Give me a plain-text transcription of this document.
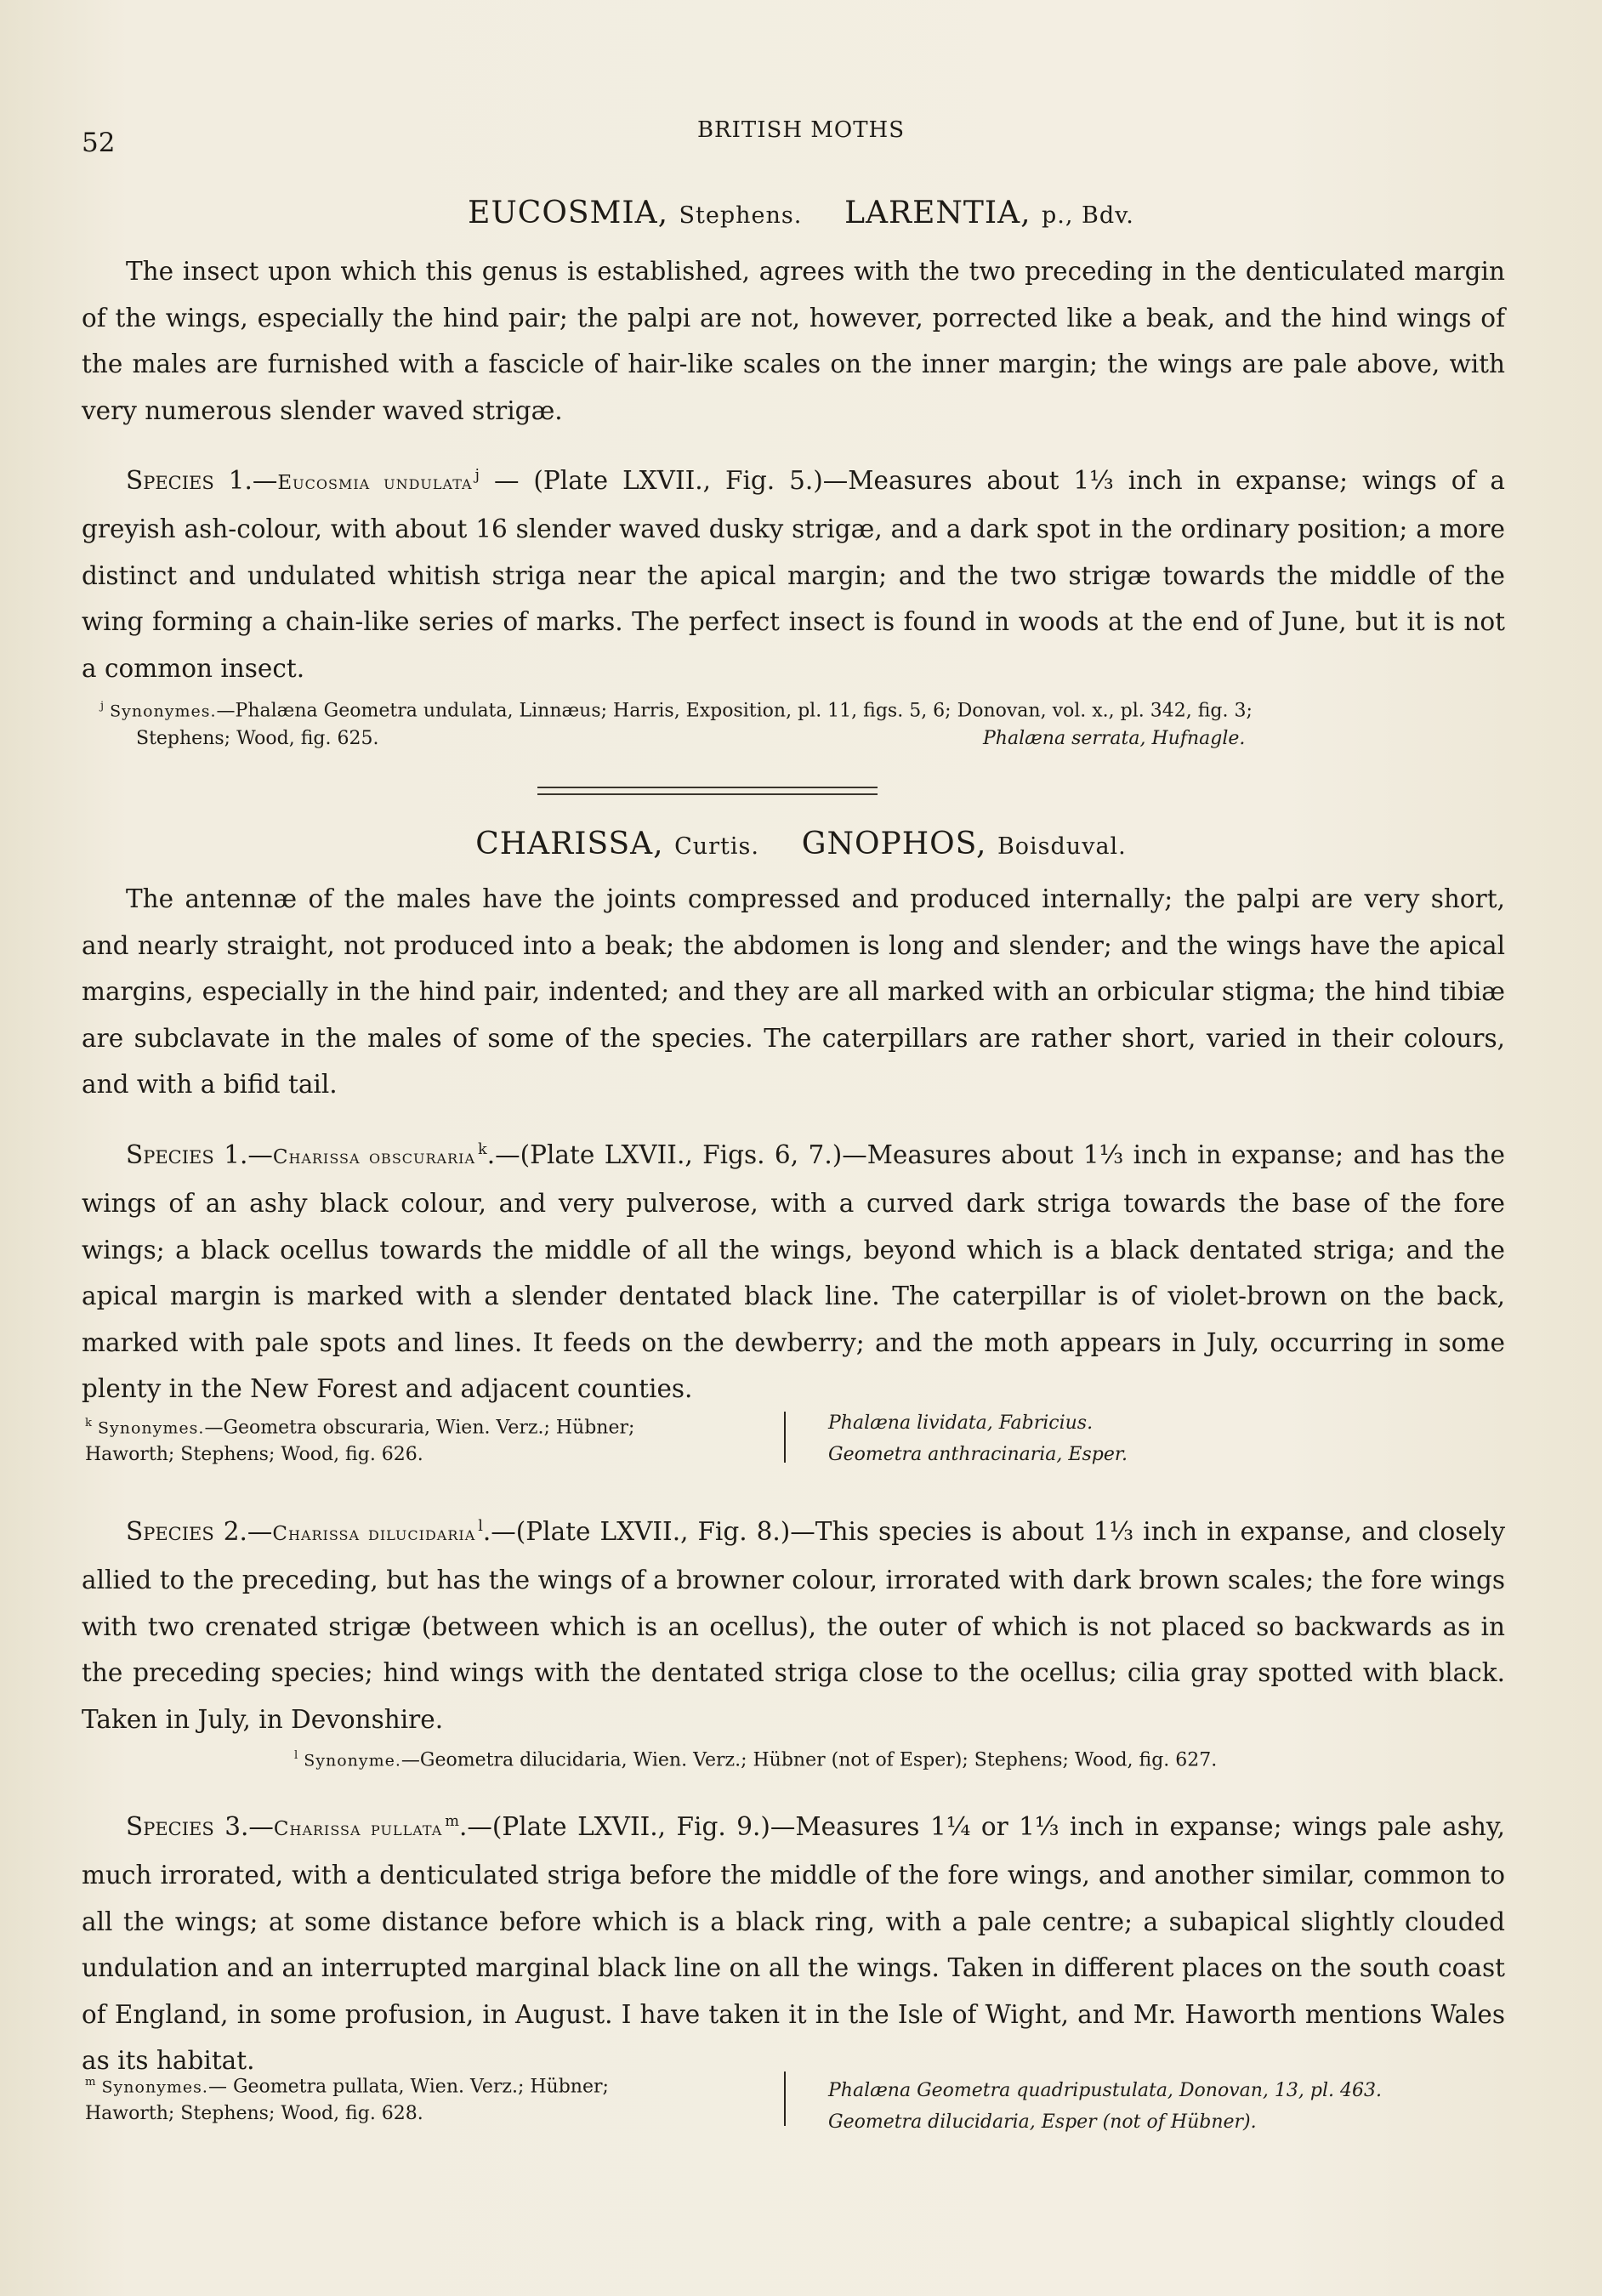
52	BRITISH MOTHS
EUCOSMIA, Stephens. LARENTIA, p., Bdv.
The insect upon which this genus is established, agrees with the two preceding in the denticulated margin of the wings, especially the hind pair; the palpi are not, however, porrected like a beak, and the hind wings of the males are furnished with a fascicle of hair-like scales on the inner margin; the wings are pale above, with very numerous slender waved strigæ.
Species 1.—Eucosmia undulata  $^j$ — (Plate LXVII., Fig. 5.)—Measures about 1⅓ inch in expanse; wings of a greyish ash-colour, with about 16 slender waved dusky strigæ, and a dark spot in the ordinary position; a more distinct and undulated whitish striga near the apical margin; and the two strigæ towards the middle of the wing forming a chain-like series of marks. The perfect insect is found in woods at the end of June, but it is not a common insect.
$^j$ Synonymes.—Phalæna Geometra undulata, Linnæus; Harris, Exposition, pl. 11, figs. 5, 6; Donovan, vol. x., pl. 342, fig. 3;
Stephens; Wood, fig. 625.	Phalæna serrata, Hufnagle.
CHARISSA, Curtis. GNOPHOS, Boisduval.
The antennæ of the males have the joints compressed and produced internally; the palpi are very short, and nearly straight, not produced into a beak; the abdomen is long and slender; and the wings have the apical margins, especially in the hind pair, indented; and they are all marked with an orbicular stigma; the hind tibiæ are subclavate in the males of some of the species. The caterpillars are rather short, varied in their colours, and with a bifid tail.
Species 1.—Charissa obscuraria  $^k$.—(Plate LXVII., Figs. 6, 7.)—Measures about 1⅓ inch in expanse; and has the wings of an ashy black colour, and very pulverose, with a curved dark striga towards the base of the fore wings; a black ocellus towards the middle of all the wings, beyond which is a black dentated striga; and the apical margin is marked with a slender dentated black line. The caterpillar is of violet-brown on the back, marked with pale spots and lines. It feeds on the dewberry; and the moth appears in July, occurring in some plenty in the New Forest and adjacent counties.
$^k$ Synonymes.—Geometra obscuraria, Wien. Verz.; Hübner;
Haworth; Stephens; Wood, fig. 626.
Phalæna lividata, Fabricius.
Geometra anthracinaria, Esper.
Species 2.—Charissa dilucidaria  $^l$.—(Plate LXVII., Fig. 8.)—This species is about 1⅓ inch in expanse, and closely allied to the preceding, but has the wings of a browner colour, irrorated with dark brown scales; the fore wings with two crenated strigæ (between which is an ocellus), the outer of which is not placed so backwards as in the preceding species; hind wings with the dentated striga close to the ocellus; cilia gray spotted with black. Taken in July, in Devonshire.
$^l$ Synonyme.—Geometra dilucidaria, Wien. Verz.; Hübner (not of Esper); Stephens; Wood, fig. 627.
Species 3.—Charissa pullata  $^m$.—(Plate LXVII., Fig. 9.)—Measures 1¼ or 1⅓ inch in expanse; wings pale ashy, much irrorated, with a denticulated striga before the middle of the fore wings, and another similar, common to all the wings; at some distance before which is a black ring, with a pale centre; a subapical slightly clouded undulation and an interrupted marginal black line on all the wings. Taken in different places on the south coast of England, in some profusion, in August. I have taken it in the Isle of Wight, and Mr. Haworth mentions Wales as its habitat.
$^m$ Synonymes.— Geometra pullata, Wien. Verz.; Hübner;
Haworth; Stephens; Wood, fig. 628.
Phalæna Geometra quadripustulata, Donovan, 13, pl. 463.
Geometra dilucidaria, Esper (not of Hübner).
